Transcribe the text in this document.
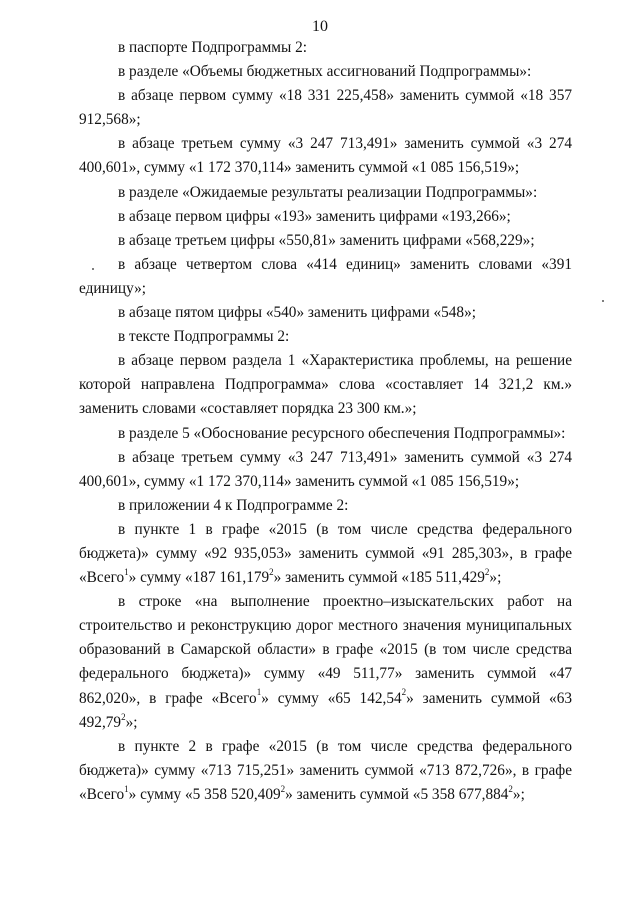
10

в паспорте Подпрограммы 2:

в разделе «Объемы бюджетных ассигнований Подпрограммы»:

в абзаце первом сумму «18 331 225,458» заменить суммой «18 357 912,568»;

в абзаце третьем сумму «3 247 713,491» заменить суммой «3 274 400,601», сумму «1 172 370,114» заменить суммой «1 085 156,519»;

в разделе «Ожидаемые результаты реализации Подпрограммы»:

в абзаце первом цифры «193» заменить цифрами «193,266»;

в абзаце третьем цифры «550,81» заменить цифрами «568,229»;

в абзаце четвертом слова «414 единиц» заменить словами «391 единицу»;

в абзаце пятом цифры «540» заменить цифрами «548»;

в тексте Подпрограммы 2:

в абзаце первом раздела 1 «Характеристика проблемы, на решение которой направлена Подпрограмма» слова «составляет 14 321,2 км.» заменить словами «составляет порядка 23 300 км.»;

в разделе 5 «Обоснование ресурсного обеспечения Подпрограммы»:

в абзаце третьем сумму «3 247 713,491» заменить суммой «3 274 400,601», сумму «1 172 370,114» заменить суммой «1 085 156,519»;

в приложении 4 к Подпрограмме 2:

в пункте 1 в графе «2015 (в том числе средства федерального бюджета)» сумму «92 935,053» заменить суммой «91 285,303», в графе «Всего$^1$» сумму «187 161,179$^2$» заменить суммой «185 511,429$^2$»;

в строке «на выполнение проектно–изыскательских работ на строительство и реконструкцию дорог местного значения муниципальных образований в Самарской области» в графе «2015 (в том числе средства федерального бюджета)» сумму «49 511,77» заменить суммой «47 862,020», в графе «Всего$^1$» сумму «65 142,54$^2$» заменить суммой «63 492,79$^2$»;

в пункте 2 в графе «2015 (в том числе средства федерального бюджета)» сумму «713 715,251» заменить суммой «713 872,726», в графе «Всего$^1$» сумму «5 358 520,409$^2$» заменить суммой «5 358 677,884$^2$»;
